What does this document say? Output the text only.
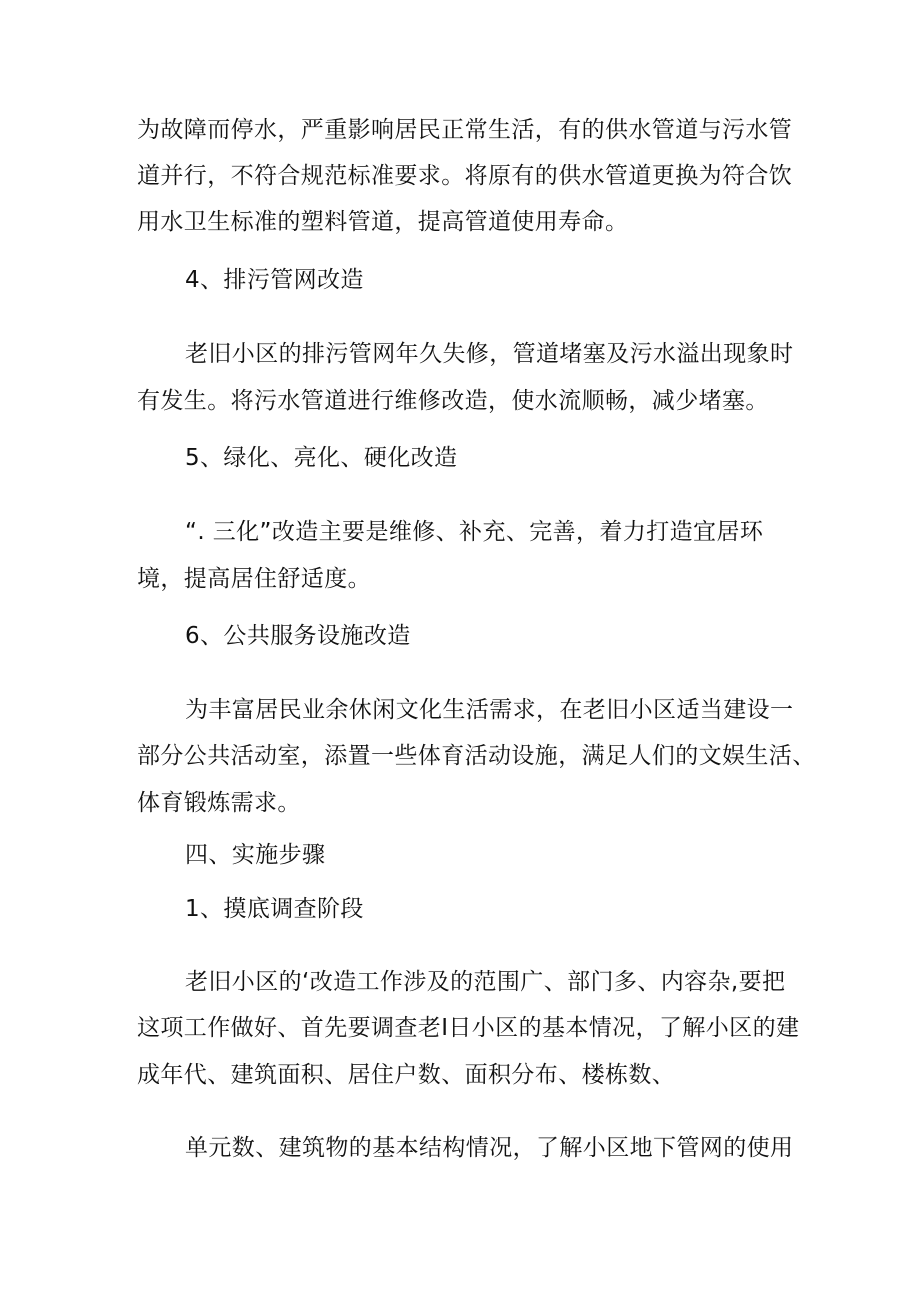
为故障而停水，严重影响居民正常生活，有的供水管道与污水管
道并行，不符合规范标准要求。将原有的供水管道更换为符合饮
用水卫生标准的塑料管道，提高管道使用寿命。
4、排污管网改造
老旧小区的排污管网年久失修，管道堵塞及污水溢出现象时
有发生。将污水管道进行维修改造，使水流顺畅，减少堵塞。
5、绿化、亮化、硬化改造
“. 三化”改造主要是维修、补充、完善，着力打造宜居环
境，提高居住舒适度。
6、公共服务设施改造
为丰富居民业余休闲文化生活需求，在老旧小区适当建设一
部分公共活动室，添置一些体育活动设施，满足人们的文娱生活、
体育锻炼需求。
四、实施步骤
1、摸底调查阶段
老旧小区的‘改造工作涉及的范围广、部门多、内容杂,要把
这项工作做好、首先要调查老I日小区的基本情况，了解小区的建
成年代、建筑面积、居住户数、面积分布、楼栋数、
单元数、建筑物的基本结构情况，了解小区地下管网的使用
